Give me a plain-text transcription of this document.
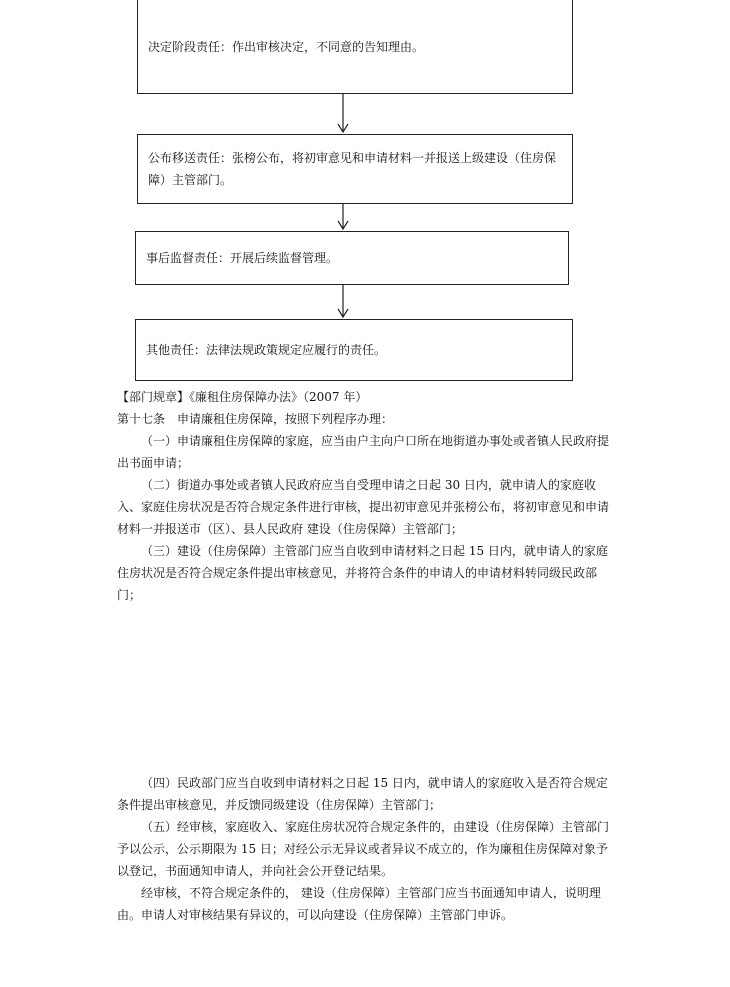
决定阶段责任：作出审核决定，不同意的告知理由。
公布移送责任：张榜公布，将初审意见和申请材料一并报送上级建设（住房保障）主管部门。
事后监督责任：开展后续监督管理。
其他责任：法律法规政策规定应履行的责任。

【部门规章】《廉租住房保障办法》（2007 年）

第十七条　申请廉租住房保障，按照下列程序办理：

（一）申请廉租住房保障的家庭，应当由户主向户口所在地街道办事处或者镇人民政府提出书面申请；

（二）街道办事处或者镇人民政府应当自受理申请之日起 30 日内，就申请人的家庭收入、家庭住房状况是否符合规定条件进行审核，提出初审意见并张榜公布，将初审意见和申请材料一并报送市（区）、县人民政府 建设（住房保障）主管部门；

（三）建设（住房保障）主管部门应当自收到申请材料之日起 15 日内，就申请人的家庭住房状况是否符合规定条件提出审核意见，并将符合条件的申请人的申请材料转同级民政部门；

（四）民政部门应当自收到申请材料之日起 15 日内，就申请人的家庭收入是否符合规定条件提出审核意见，并反馈同级建设（住房保障）主管部门；

（五）经审核，家庭收入、家庭住房状况符合规定条件的，由建设（住房保障）主管部门予以公示，公示期限为 15 日；对经公示无异议或者异议不成立的，作为廉租住房保障对象予以登记，书面通知申请人，并向社会公开登记结果。

经审核，不符合规定条件的， 建设（住房保障）主管部门应当书面通知申请人，说明理由。申请人对审核结果有异议的，可以向建设（住房保障）主管部门申诉。
